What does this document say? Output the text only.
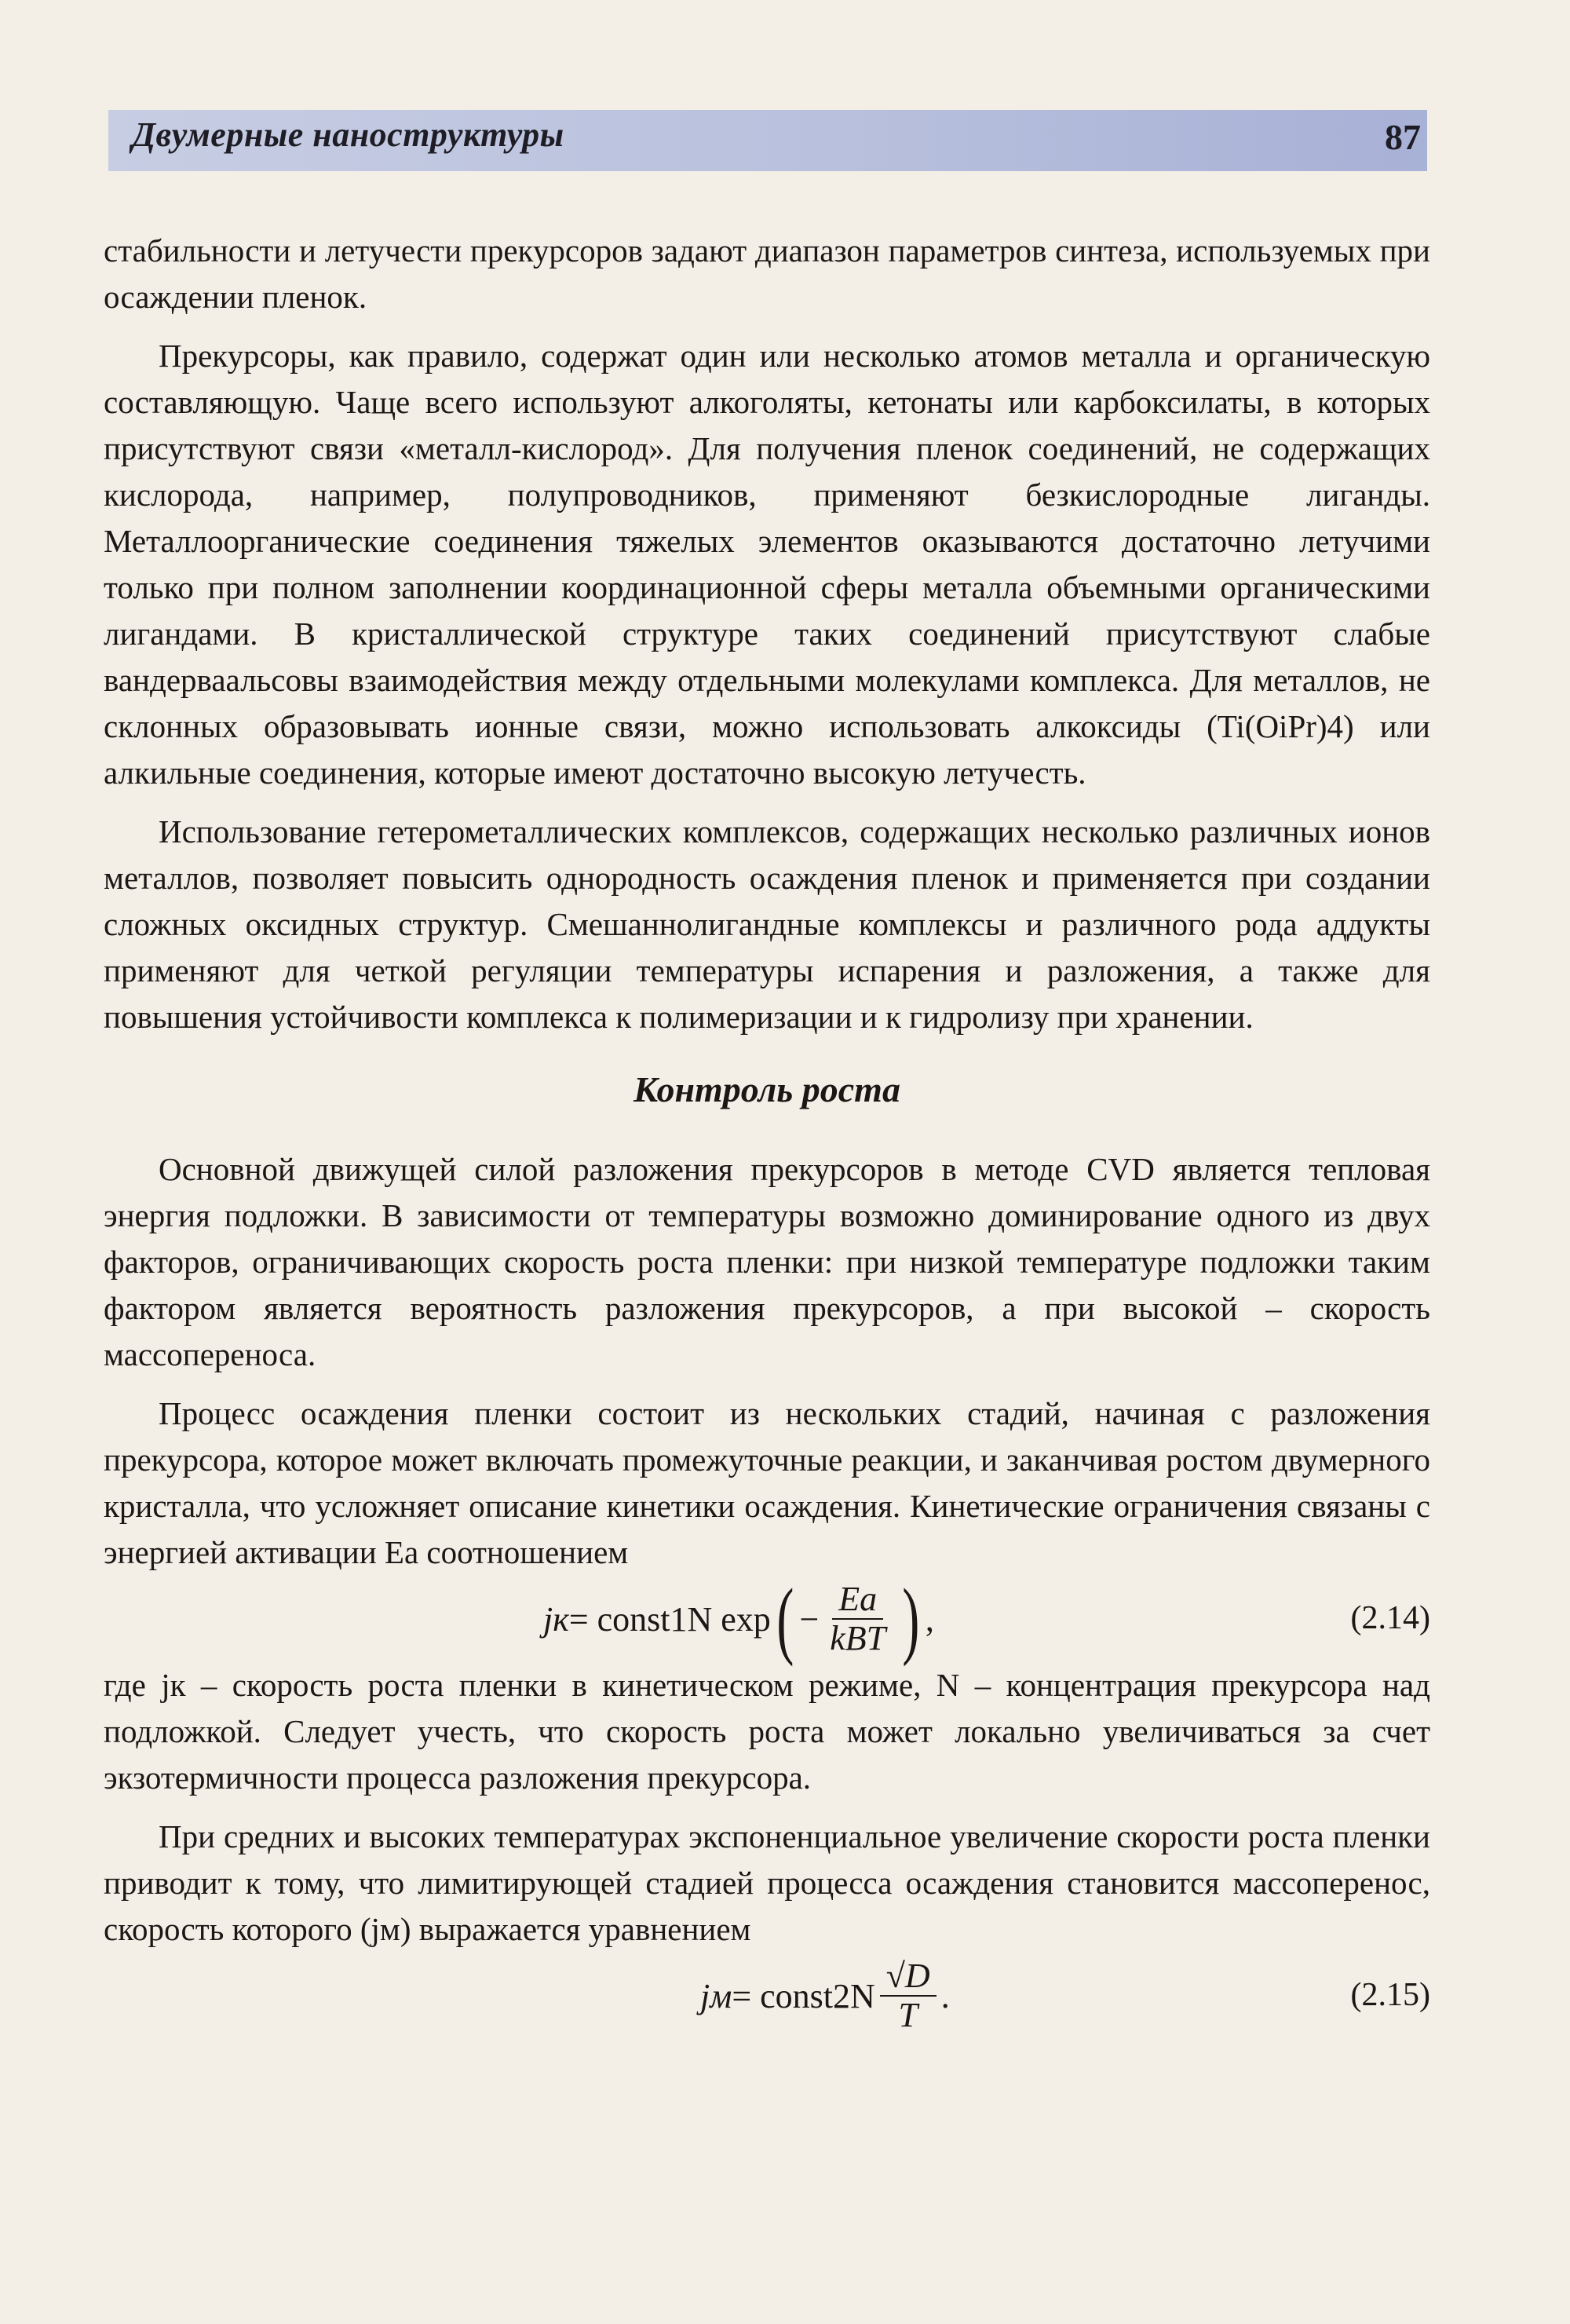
Двумерные наноструктуры	87

стабильности и летучести прекурсоров задают диапазон параметров синтеза, используемых при осаждении пленок.

Прекурсоры, как правило, содержат один или несколько атомов металла и органическую составляющую. Чаще всего используют алкоголяты, кетонаты или карбоксилаты, в которых присутствуют связи «металл-кислород». Для получения пленок соединений, не содержащих кислорода, например, полупроводников, применяют безкислородные лиганды. Металлоорганические соединения тяжелых элементов оказываются достаточно летучими только при полном заполнении координационной сферы металла объемными органическими лигандами. В кристаллической структуре таких соединений присутствуют слабые вандерваальсовы взаимодействия между отдельными молекулами комплекса. Для металлов, не склонных образовывать ионные связи, можно использовать алкоксиды (Ti(OiPr)4) или алкильные соединения, которые имеют достаточно высокую летучесть.

Использование гетерометаллических комплексов, содержащих несколько различных ионов металлов, позволяет повысить однородность осаждения пленок и применяется при создании сложных оксидных структур. Смешаннолигандные комплексы и различного рода аддукты применяют для четкой регуляции температуры испарения и разложения, а также для повышения устойчивости комплекса к полимеризации и к гидролизу при хранении.

Контроль роста

Основной движущей силой разложения прекурсоров в методе CVD является тепловая энергия подложки. В зависимости от температуры возможно доминирование одного из двух факторов, ограничивающих скорость роста пленки: при низкой температуре подложки таким фактором является вероятность разложения прекурсоров, а при высокой – скорость массопереноса.

Процесс осаждения пленки состоит из нескольких стадий, начиная с разложения прекурсора, которое может включать промежуточные реакции, и заканчивая ростом двумерного кристалла, что усложняет описание кинетики осаждения. Кинетические ограничения связаны с энергией активации Ea соотношением

jк = const1N exp ( − $\frac{Ea}{\text{kBT}}$ ) ,	(2.14)

где jк – скорость роста пленки в кинетическом режиме, N – концентрация прекурсора над подложкой. Следует учесть, что скорость роста может локально увеличиваться за счет экзотермичности процесса разложения прекурсора.

При средних и высоких температурах экспоненциальное увеличение скорости роста пленки приводит к тому, что лимитирующей стадией процесса осаждения становится массоперенос, скорость которого (jм) выражается уравнением

jм = const2N $\frac{√D}{T}$ .	(2.15)
